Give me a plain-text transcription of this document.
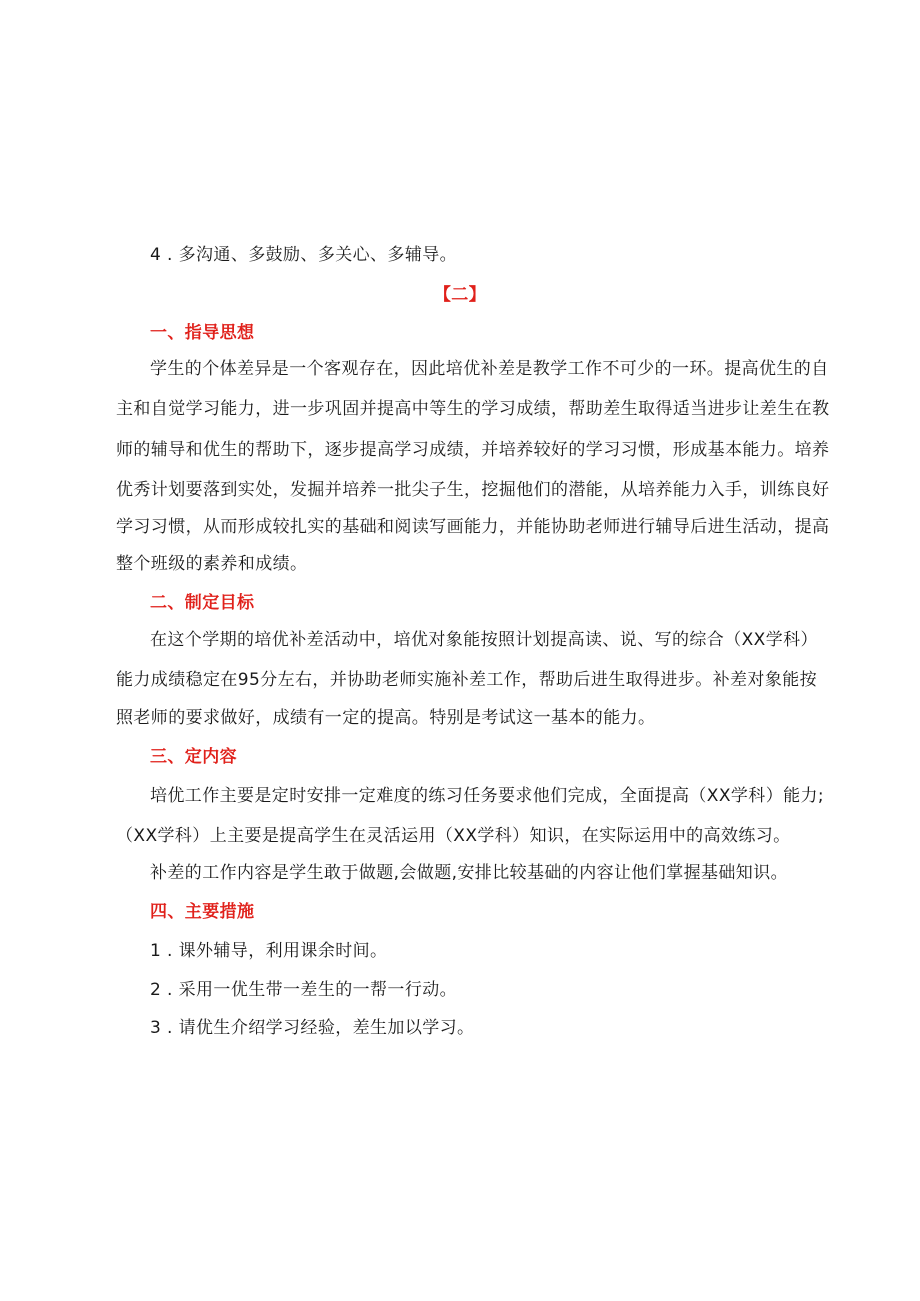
4 . 多沟通、多鼓励、多关心、多辅导。
【二】
一、指导思想
学生的个体差异是一个客观存在，因此培优补差是教学工作不可少的一环。提高优生的自
主和自觉学习能力，进一步巩固并提高中等生的学习成绩，帮助差生取得适当进步让差生在教
师的辅导和优生的帮助下，逐步提高学习成绩，并培养较好的学习习惯，形成基本能力。培养
优秀计划要落到实处，发掘并培养一批尖子生，挖掘他们的潜能，从培养能力入手，训练良好
学习习惯，从而形成较扎实的基础和阅读写画能力，并能协助老师进行辅导后进生活动，提高
整个班级的素养和成绩。
二、制定目标
在这个学期的培优补差活动中，培优对象能按照计划提高读、说、写的综合（XX学科）
能力成绩稳定在95分左右，并协助老师实施补差工作，帮助后进生取得进步。补差对象能按
照老师的要求做好，成绩有一定的提高。特别是考试这一基本的能力。
三、定内容
培优工作主要是定时安排一定难度的练习任务要求他们完成，全面提高（XX学科）能力;
（XX学科）上主要是提高学生在灵活运用（XX学科）知识，在实际运用中的高效练习。
补差的工作内容是学生敢于做题,会做题,安排比较基础的内容让他们掌握基础知识。
四、主要措施
1 . 课外辅导，利用课余时间。
2 . 采用一优生带一差生的一帮一行动。
3 . 请优生介绍学习经验，差生加以学习。
